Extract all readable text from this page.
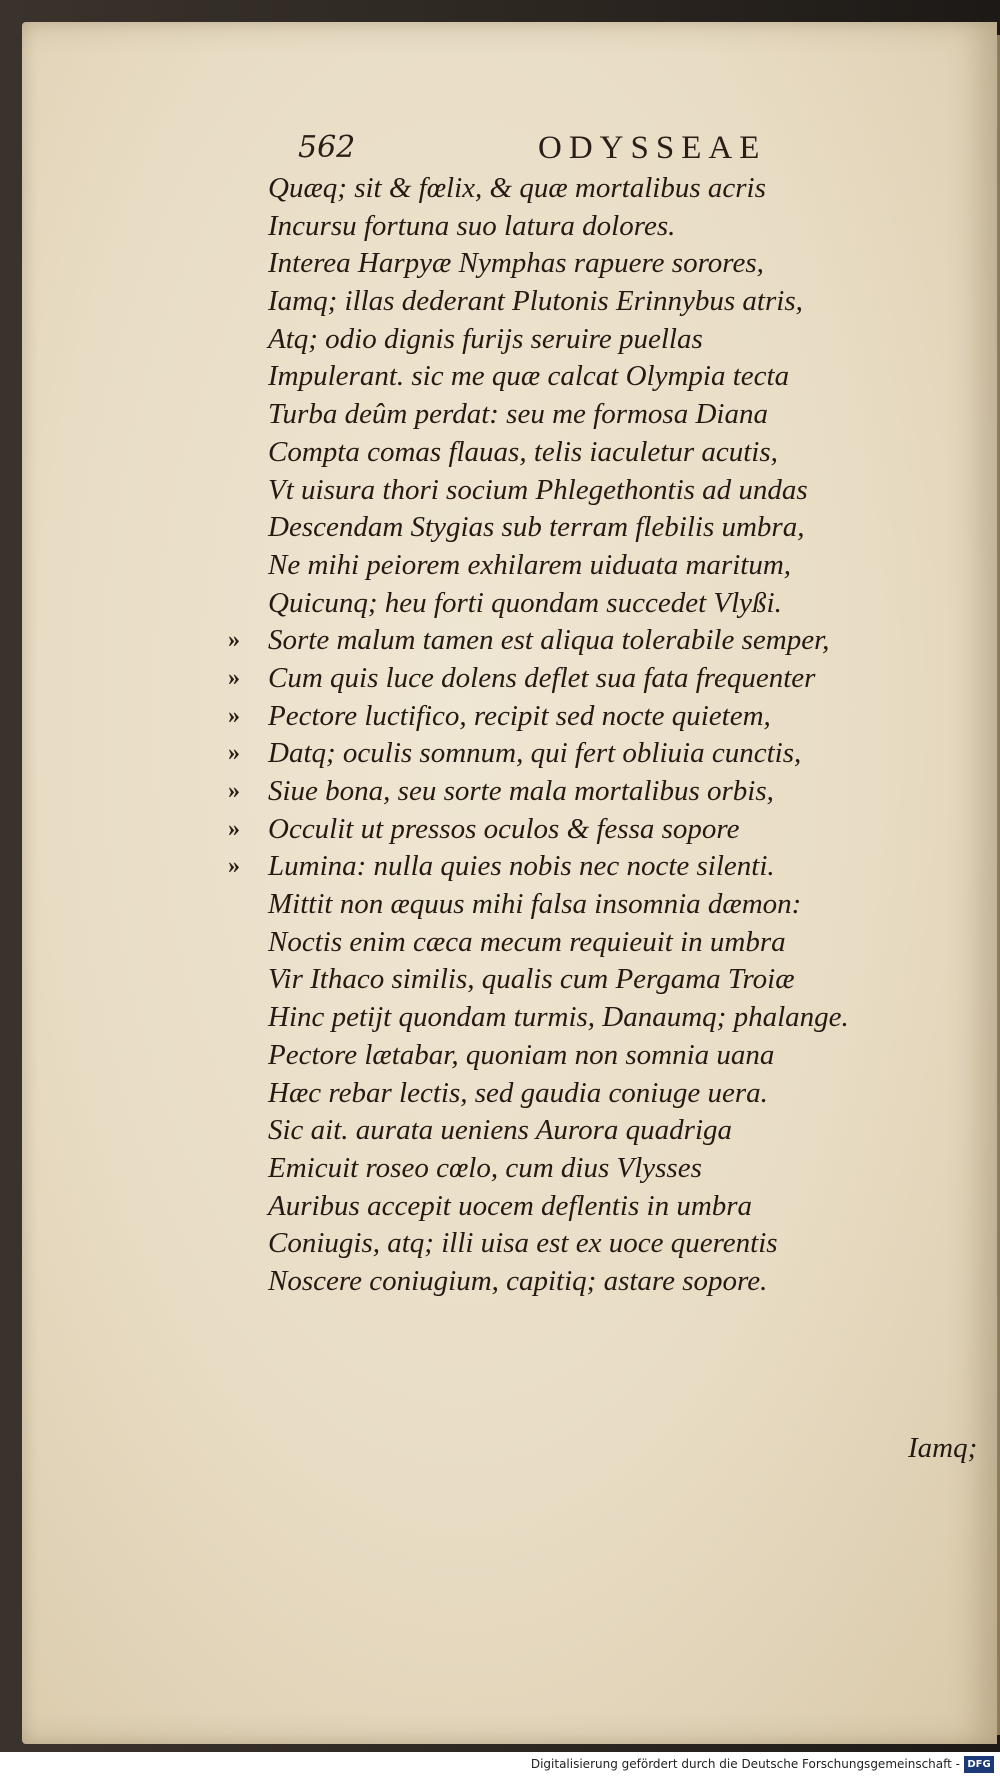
562	ODYSSEAE
Quæq; sit & fœlix, & quæ mortalibus acris
Incursu fortuna suo latura dolores.
Interea Harpyæ Nymphas rapuere sorores,
Iamq; illas dederant Plutonis Erinnybus atris,
Atq; odio dignis furijs seruire puellas
Impulerant. sic me quæ calcat Olympia tecta
Turba deûm perdat: seu me formosa Diana
Compta comas flauas, telis iaculetur acutis,
Vt uisura thori socium Phlegethontis ad undas
Descendam Stygias sub terram flebilis umbra,
Ne mihi peiorem exhilarem uiduata maritum,
Quicunq; heu forti quondam succedet Vlyßi.
» Sorte malum tamen est aliqua tolerabile semper,
» Cum quis luce dolens deflet sua fata frequenter
» Pectore luctifico, recipit sed nocte quietem,
» Datq; oculis somnum, qui fert obliuia cunctis,
» Siue bona, seu sorte mala mortalibus orbis,
» Occulit ut pressos oculos & fessa sopore
» Lumina: nulla quies nobis nec nocte silenti.
Mittit non æquus mihi falsa insomnia dæmon:
Noctis enim cæca mecum requieuit in umbra
Vir Ithaco similis, qualis cum Pergama Troiæ
Hinc petijt quondam turmis, Danaumq; phalange.
Pectore lætabar, quoniam non somnia uana
Hæc rebar lectis, sed gaudia coniuge uera.
Sic ait. aurata ueniens Aurora quadriga
Emicuit roseo cœlo, cum dius Vlysses
Auribus accepit uocem deflentis in umbra
Coniugis, atq; illi uisa est ex uoce querentis
Noscere coniugium, capitiq; astare sopore.
Iamq;
Digitalisierung gefördert durch die Deutsche Forschungsgemeinschaft - DFG
